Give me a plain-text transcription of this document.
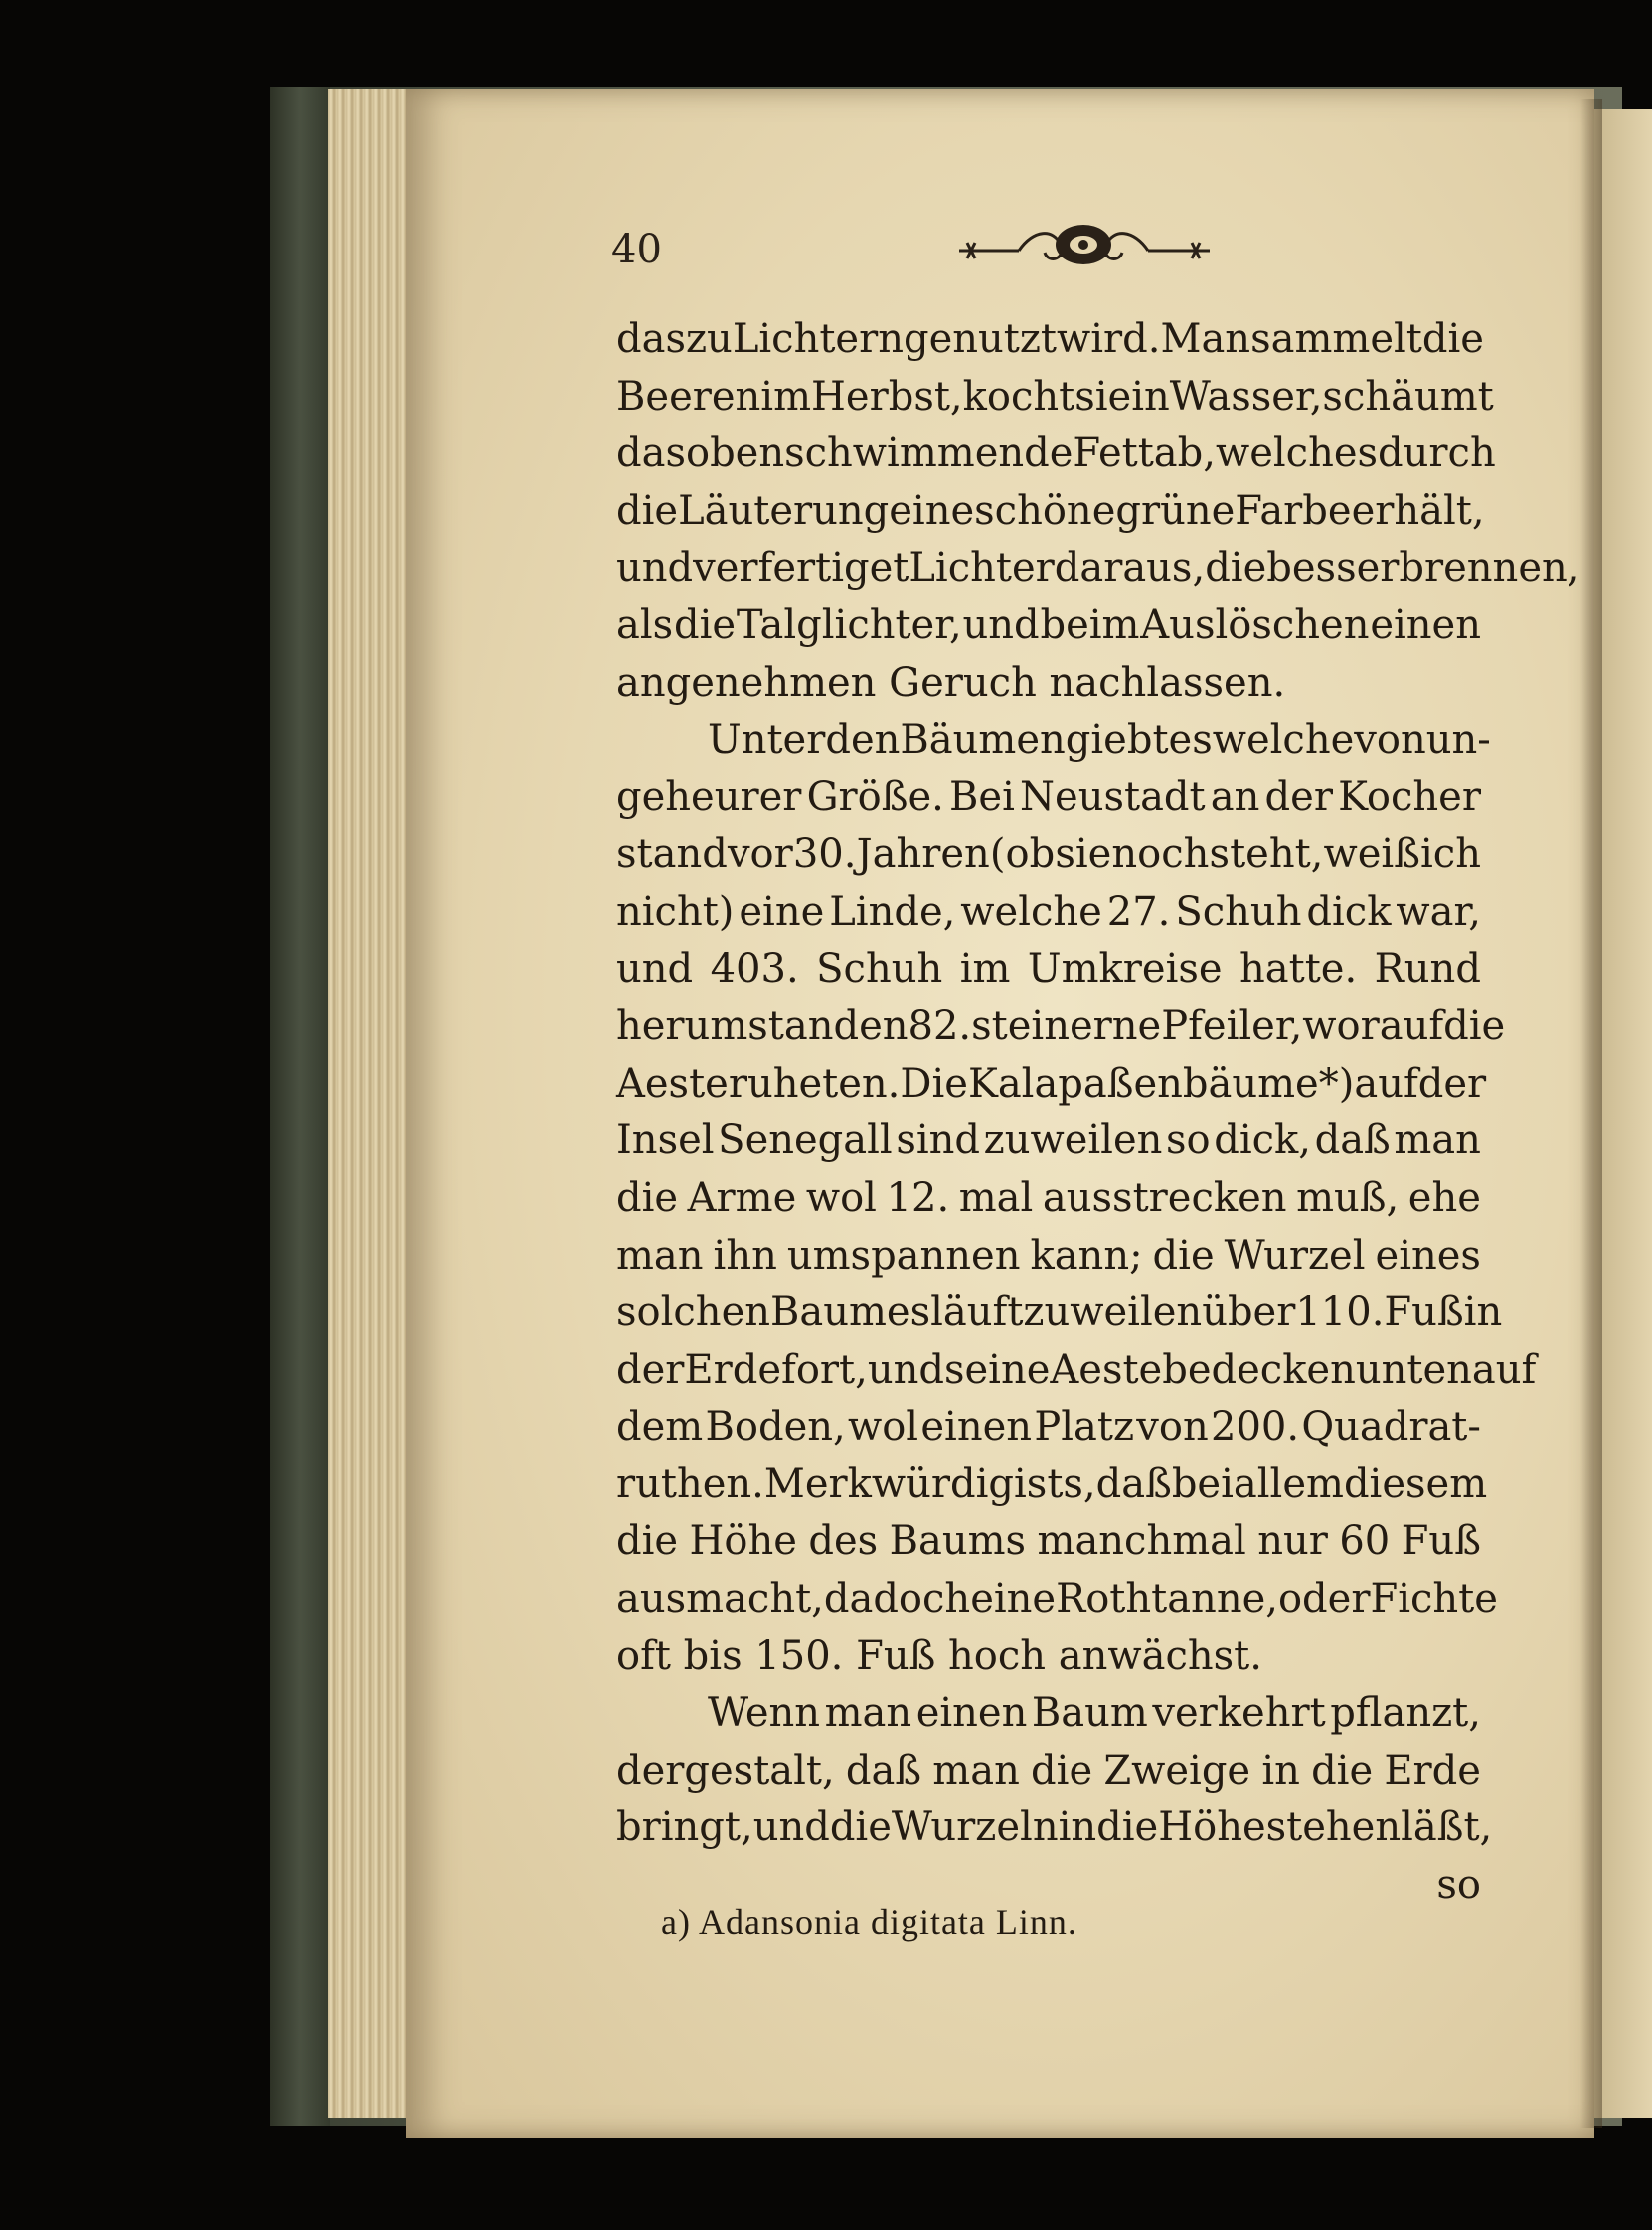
40
das zu Lichtern genutzt wird. Man sammelt die
Beeren im Herbst, kocht sie in Wasser, schäumt
das obenschwimmende Fett ab, welches durch
die Läuterung eine schöne grüne Farbe erhält,
und verfertiget Lichter daraus, die besser brennen,
als die Talglichter, und beim Auslöschen einen
angenehmen Geruch nachlassen.
Unter den Bäumen giebt es welche von un-
geheurer Größe. Bei Neustadt an der Kocher
stand vor 30. Jahren (ob sie noch steht, weiß ich
nicht) eine Linde, welche 27. Schuh dick war,
und 403. Schuh im Umkreise hatte. Rund
herum standen 82. steinerne Pfeiler, worauf die
Aeste ruheten. Die Kalapaßenbäume*) auf der
Insel Senegall sind zuweilen so dick, daß man
die Arme wol 12. mal ausstrecken muß, ehe
man ihn umspannen kann; die Wurzel eines
solchen Baumes läuft zuweilen über 110. Fuß in
der Erde fort, und seine Aeste bedecken unten auf
dem Boden, wol einen Platz von 200. Quadrat-
ruthen. Merkwürdig ists, daß bei allem diesem
die Höhe des Baums manchmal nur 60 Fuß
ausmacht, da doch eine Rothtanne, oder Fichte
oft bis 150. Fuß hoch anwächst.
Wenn man einen Baum verkehrt pflanzt,
dergestalt, daß man die Zweige in die Erde
bringt, und die Wurzeln in die Höhe stehen läßt,
so
a) Adansonia digitata Linn.
